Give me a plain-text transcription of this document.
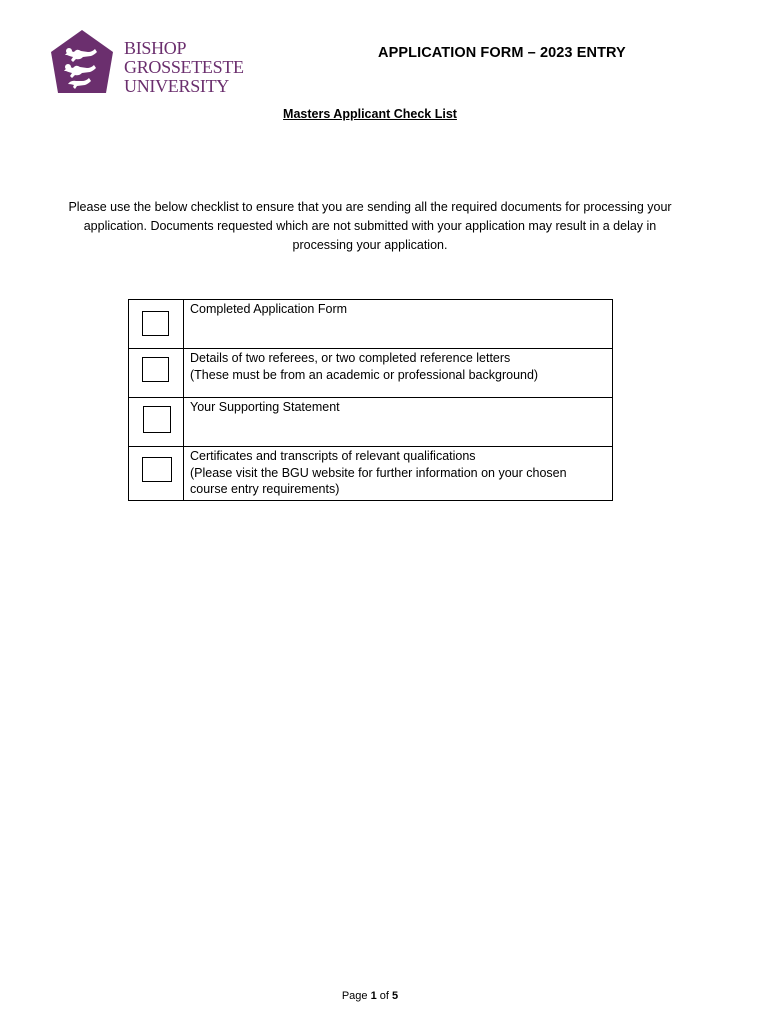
BISHOP
GROSSETESTE
UNIVERSITY
APPLICATION FORM – 2023 ENTRY
Masters Applicant Check List
Please use the below checklist to ensure that you are sending all the required documents for processing your
application. Documents requested which are not submitted with your application may result in a delay in
processing your application.

	Completed Application Form

	Details of two referees, or two completed reference letters
(These must be from an academic or professional background)

	Your Supporting Statement

	Certificates and transcripts of relevant qualifications
(Please visit the BGU website for further information on your chosen
course entry requirements)
Page 1 of 5
